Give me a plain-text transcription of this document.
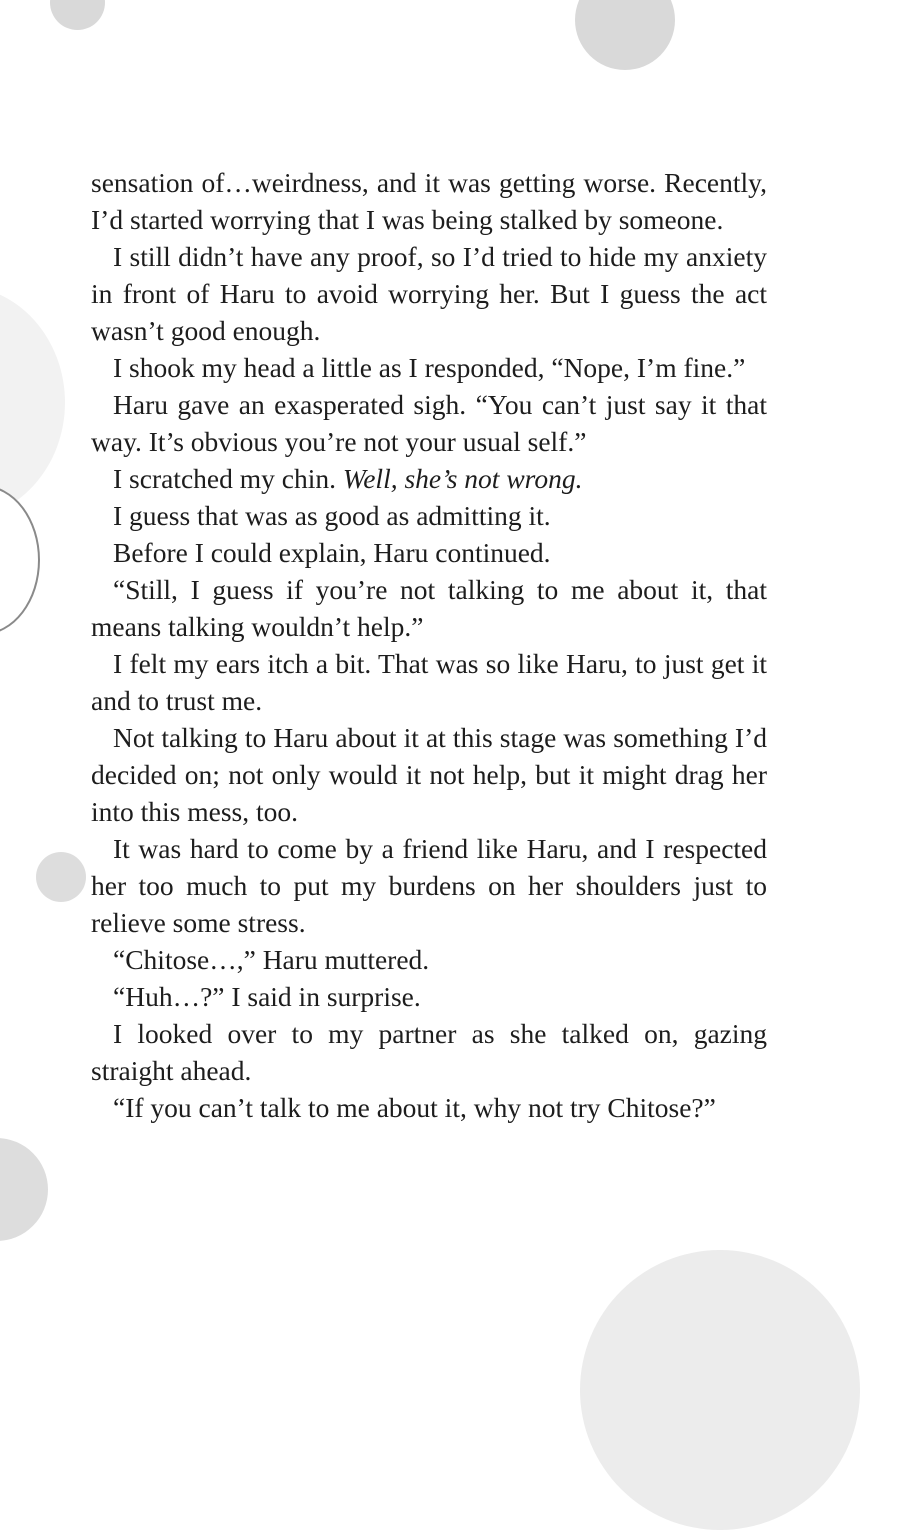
sensation of…weirdness, and it was getting worse. Recently, I’d started worrying that I was being stalked by someone.

I still didn’t have any proof, so I’d tried to hide my anxiety in front of Haru to avoid worrying her. But I guess the act wasn’t good enough.

I shook my head a little as I responded, “Nope, I’m fine.”

Haru gave an exasperated sigh. “You can’t just say it that way. It’s obvious you’re not your usual self.”

I scratched my chin. Well, she’s not wrong.

I guess that was as good as admitting it.

Before I could explain, Haru continued.

“Still, I guess if you’re not talking to me about it, that means talking wouldn’t help.”

I felt my ears itch a bit. That was so like Haru, to just get it and to trust me.

Not talking to Haru about it at this stage was something I’d decided on; not only would it not help, but it might drag her into this mess, too.

It was hard to come by a friend like Haru, and I respected her too much to put my burdens on her shoulders just to relieve some stress.

“Chitose…,” Haru muttered.

“Huh…?” I said in surprise.

I looked over to my partner as she talked on, gazing straight ahead.

“If you can’t talk to me about it, why not try Chitose?”
